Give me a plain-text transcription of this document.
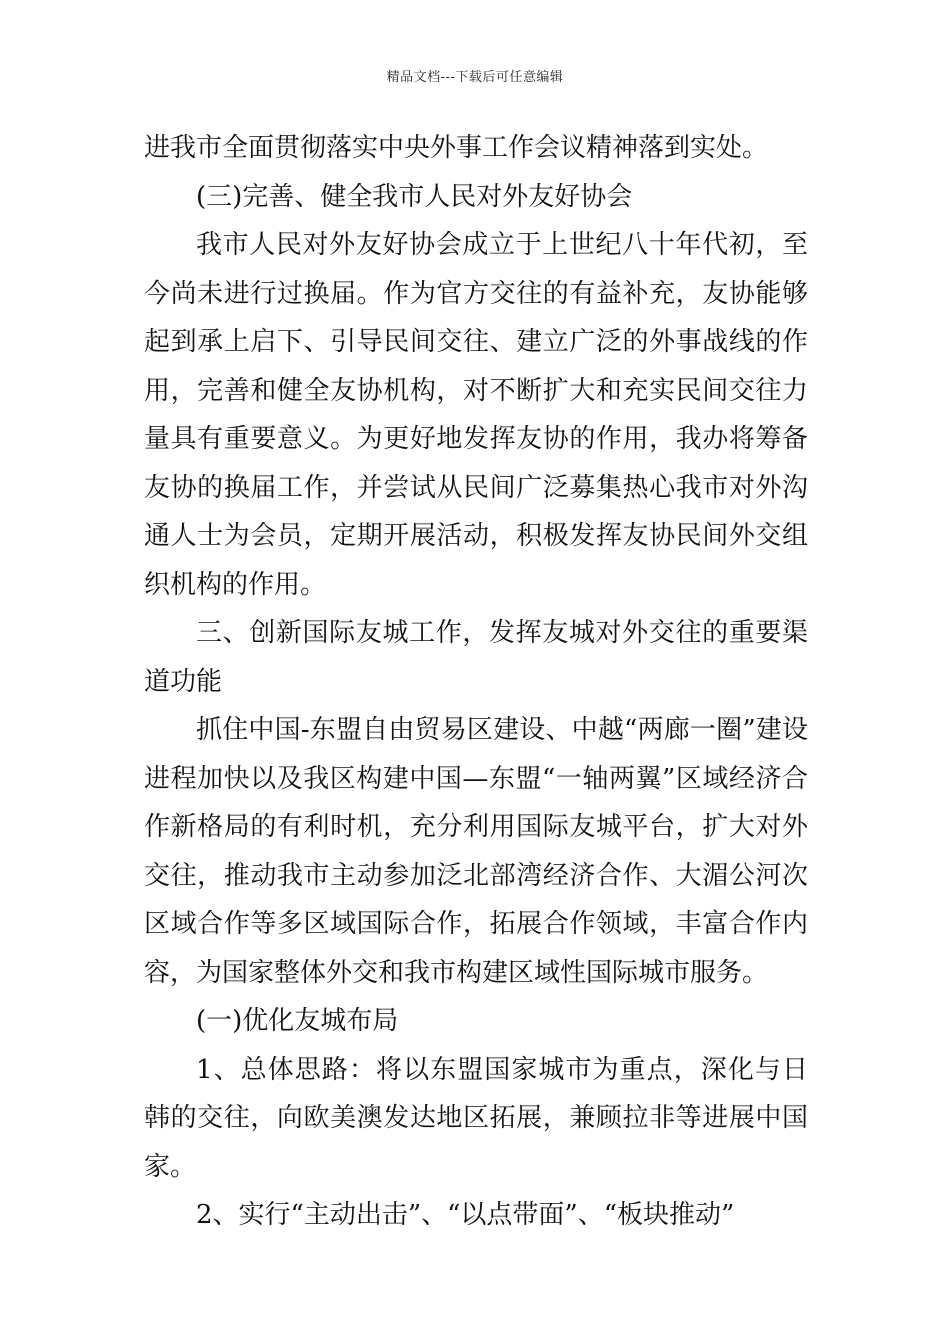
精品文档---下载后可任意编辑

进我市全面贯彻落实中央外事工作会议精神落到实处。

(三)完善、健全我市人民对外友好协会

我市人民对外友好协会成立于上世纪八十年代初，至今尚未进行过换届。作为官方交往的有益补充，友协能够起到承上启下、引导民间交往、建立广泛的外事战线的作用，完善和健全友协机构，对不断扩大和充实民间交往力量具有重要意义。为更好地发挥友协的作用，我办将筹备友协的换届工作，并尝试从民间广泛募集热心我市对外沟通人士为会员，定期开展活动，积极发挥友协民间外交组织机构的作用。

三、创新国际友城工作，发挥友城对外交往的重要渠道功能

抓住中国-东盟自由贸易区建设、中越“两廊一圈”建设进程加快以及我区构建中国—东盟“一轴两翼”区域经济合作新格局的有利时机，充分利用国际友城平台，扩大对外交往，推动我市主动参加泛北部湾经济合作、大湄公河次区域合作等多区域国际合作，拓展合作领域，丰富合作内容，为国家整体外交和我市构建区域性国际城市服务。

(一)优化友城布局

1、总体思路：将以东盟国家城市为重点，深化与日韩的交往，向欧美澳发达地区拓展，兼顾拉非等进展中国家。

2、实行“主动出击”、“以点带面”、“板块推动”
